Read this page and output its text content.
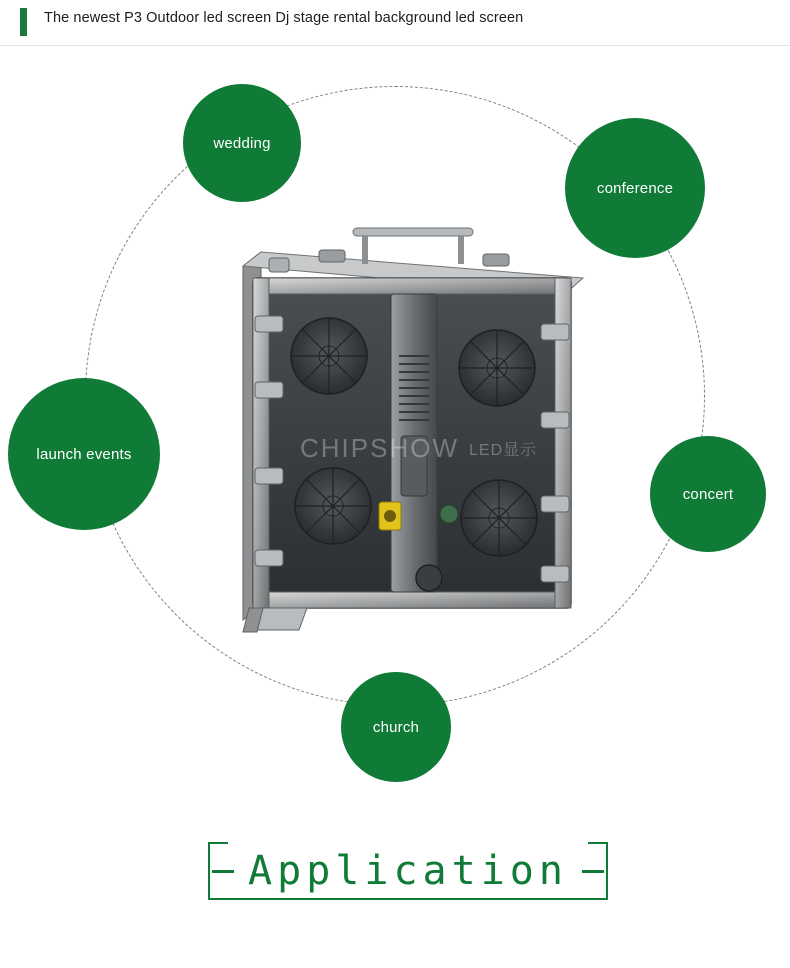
The newest P3 Outdoor led screen Dj stage rental background led screen
CHIPSHOW LED显示
wedding
conference
launch events
concert
church
Application
